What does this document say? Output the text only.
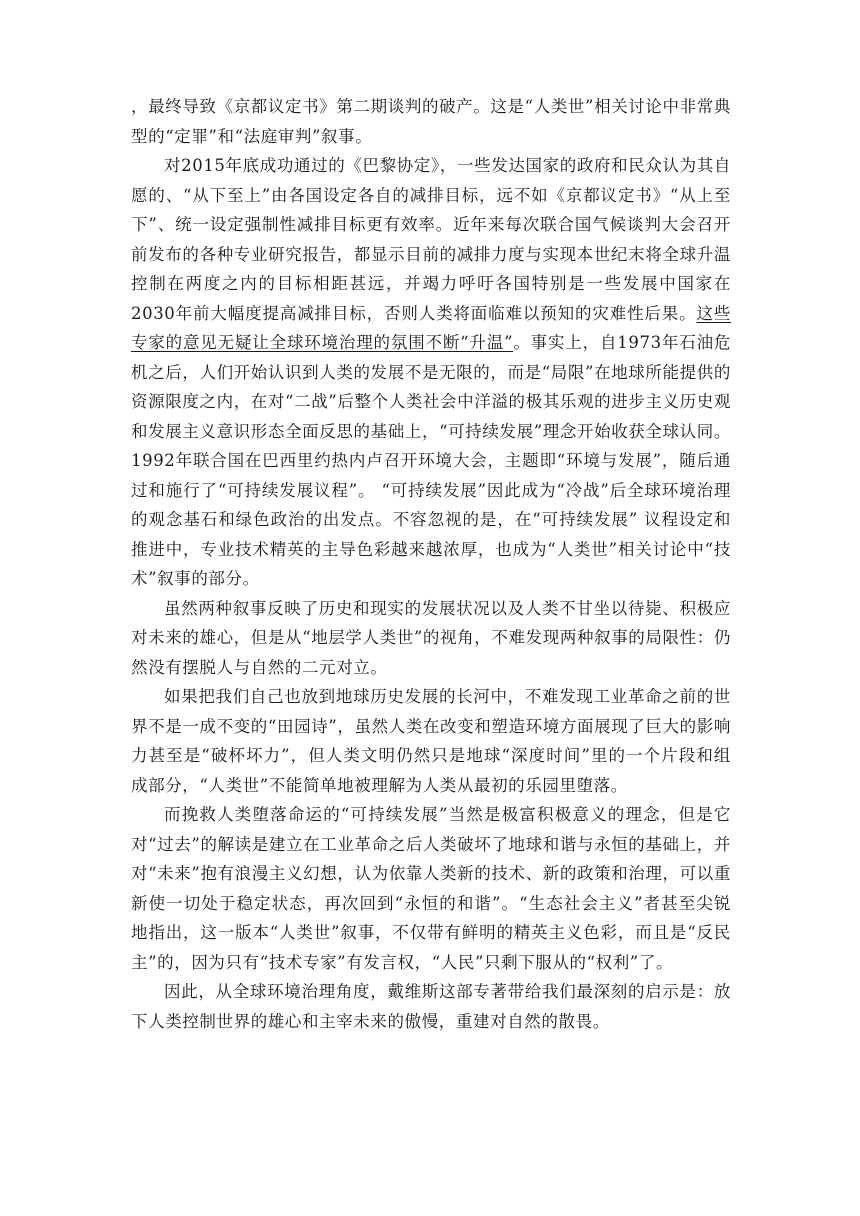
，最终导致《京都议定书》第二期谈判的破产。这是“人类世”相关讨论中非常典型的“定罪”和“法庭审判”叙事。

对2015年底成功通过的《巴黎协定》，一些发达国家的政府和民众认为其自愿的、“从下至上”由各国设定各自的减排目标，远不如《京都议定书》“从上至下”、统一设定强制性减排目标更有效率。近年来每次联合国气候谈判大会召开前发布的各种专业研究报告，都显示目前的减排力度与实现本世纪末将全球升温控制在两度之内的目标相距甚远，并竭力呼吁各国特别是一些发展中国家在2030年前大幅度提高减排目标，否则人类将面临难以预知的灾难性后果。这些专家的意见无疑让全球环境治理的氛围不断“升温”。事实上，自1973年石油危机之后，人们开始认识到人类的发展不是无限的，而是“局限”在地球所能提供的资源限度之内，在对“二战”后整个人类社会中洋溢的极其乐观的进步主义历史观和发展主义意识形态全面反思的基础上，“可持续发展”理念开始收获全球认同。 1992年联合国在巴西里约热内卢召开环境大会，主题即“环境与发展”，随后通过和施行了“可持续发展议程”。 “可持续发展”因此成为“冷战”后全球环境治理的观念基石和绿色政治的出发点。不容忽视的是，在“可持续发展” 议程设定和推进中，专业技术精英的主导色彩越来越浓厚，也成为“人类世”相关讨论中“技术”叙事的部分。

虽然两种叙事反映了历史和现实的发展状况以及人类不甘坐以待毙、积极应对未来的雄心，但是从“地层学人类世”的视角，不难发现两种叙事的局限性：仍然没有摆脱人与自然的二元对立。

如果把我们自己也放到地球历史发展的长河中，不难发现工业革命之前的世界不是一成不变的“田园诗”，虽然人类在改变和塑造环境方面展现了巨大的影响力甚至是“破杯坏力”，但人类文明仍然只是地球“深度时间”里的一个片段和组成部分，“人类世”不能简单地被理解为人类从最初的乐园里堕落。

而挽救人类堕落命运的“可持续发展”当然是极富积极意义的理念，但是它对“过去”的解读是建立在工业革命之后人类破坏了地球和谐与永恒的基础上，并对“未来”抱有浪漫主义幻想，认为依靠人类新的技术、新的政策和治理，可以重新使一切处于稳定状态，再次回到“永恒的和谐”。“生态社会主义”者甚至尖锐地指出，这一版本“人类世”叙事，不仅带有鲜明的精英主义色彩，而且是“反民主”的，因为只有“技术专家”有发言权，“人民”只剩下服从的“权利”了。

因此，从全球环境治理角度，戴维斯这部专著带给我们最深刻的启示是：放下人类控制世界的雄心和主宰未来的傲慢，重建对自然的散畏。
